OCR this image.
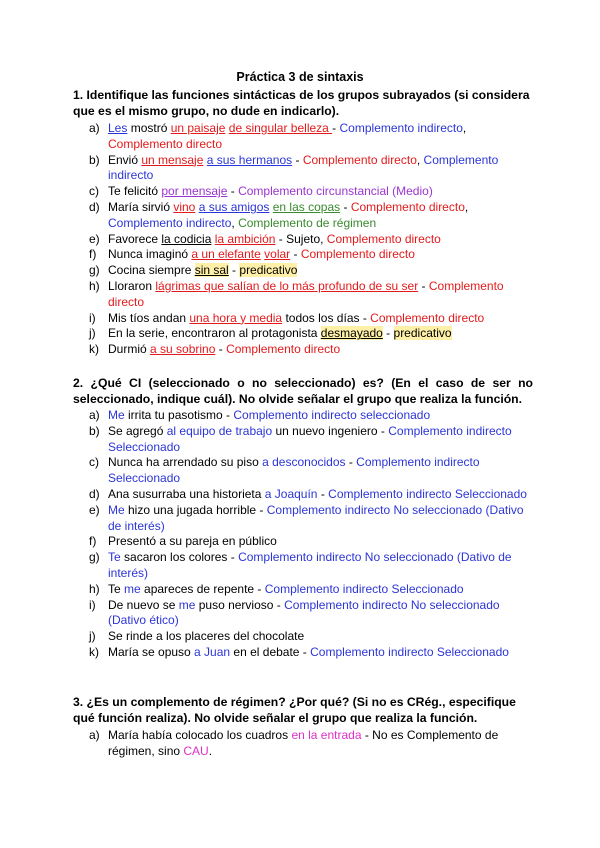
Práctica 3 de sintaxis
1. Identifique las funciones sintácticas de los grupos subrayados (si considera que es el mismo grupo, no dude en indicarlo).
a) Les mostró un paisaje de singular belleza - Complemento indirecto, Complemento directo
b) Envió un mensaje a sus hermanos - Complemento directo, Complemento indirecto
c) Te felicitó por mensaje - Complemento circunstancial (Medio)
d) María sirvió vino a sus amigos en las copas - Complemento directo, Complemento indirecto, Complemento de régimen
e) Favorece la codicia la ambición - Sujeto, Complemento directo
f) Nunca imaginó a un elefante volar - Complemento directo
g) Cocina siempre sin sal - predicativo
h) Lloraron lágrimas que salían de lo más profundo de su ser - Complemento directo
i) Mis tíos andan una hora y media todos los días - Complemento directo
j) En la serie, encontraron al protagonista desmayado - predicativo
k) Durmió a su sobrino - Complemento directo
2. ¿Qué CI (seleccionado o no seleccionado) es? (En el caso de ser no seleccionado, indique cuál). No olvide señalar el grupo que realiza la función.
a) Me irrita tu pasotismo - Complemento indirecto seleccionado
b) Se agregó al equipo de trabajo un nuevo ingeniero - Complemento indirecto Seleccionado
c) Nunca ha arrendado su piso a desconocidos - Complemento indirecto Seleccionado
d) Ana susurraba una historieta a Joaquín - Complemento indirecto Seleccionado
e) Me hizo una jugada horrible - Complemento indirecto No seleccionado (Dativo de interés)
f) Presentó a su pareja en público
g) Te sacaron los colores - Complemento indirecto No seleccionado (Dativo de interés)
h) Te me apareces de repente - Complemento indirecto Seleccionado
i) De nuevo se me puso nervioso - Complemento indirecto No seleccionado (Dativo ético)
j) Se rinde a los placeres del chocolate
k) María se opuso a Juan en el debate - Complemento indirecto Seleccionado
3. ¿Es un complemento de régimen? ¿Por qué? (Si no es CRég., especifique qué función realiza). No olvide señalar el grupo que realiza la función.
a) María había colocado los cuadros en la entrada - No es Complemento de régimen, sino CAU.
